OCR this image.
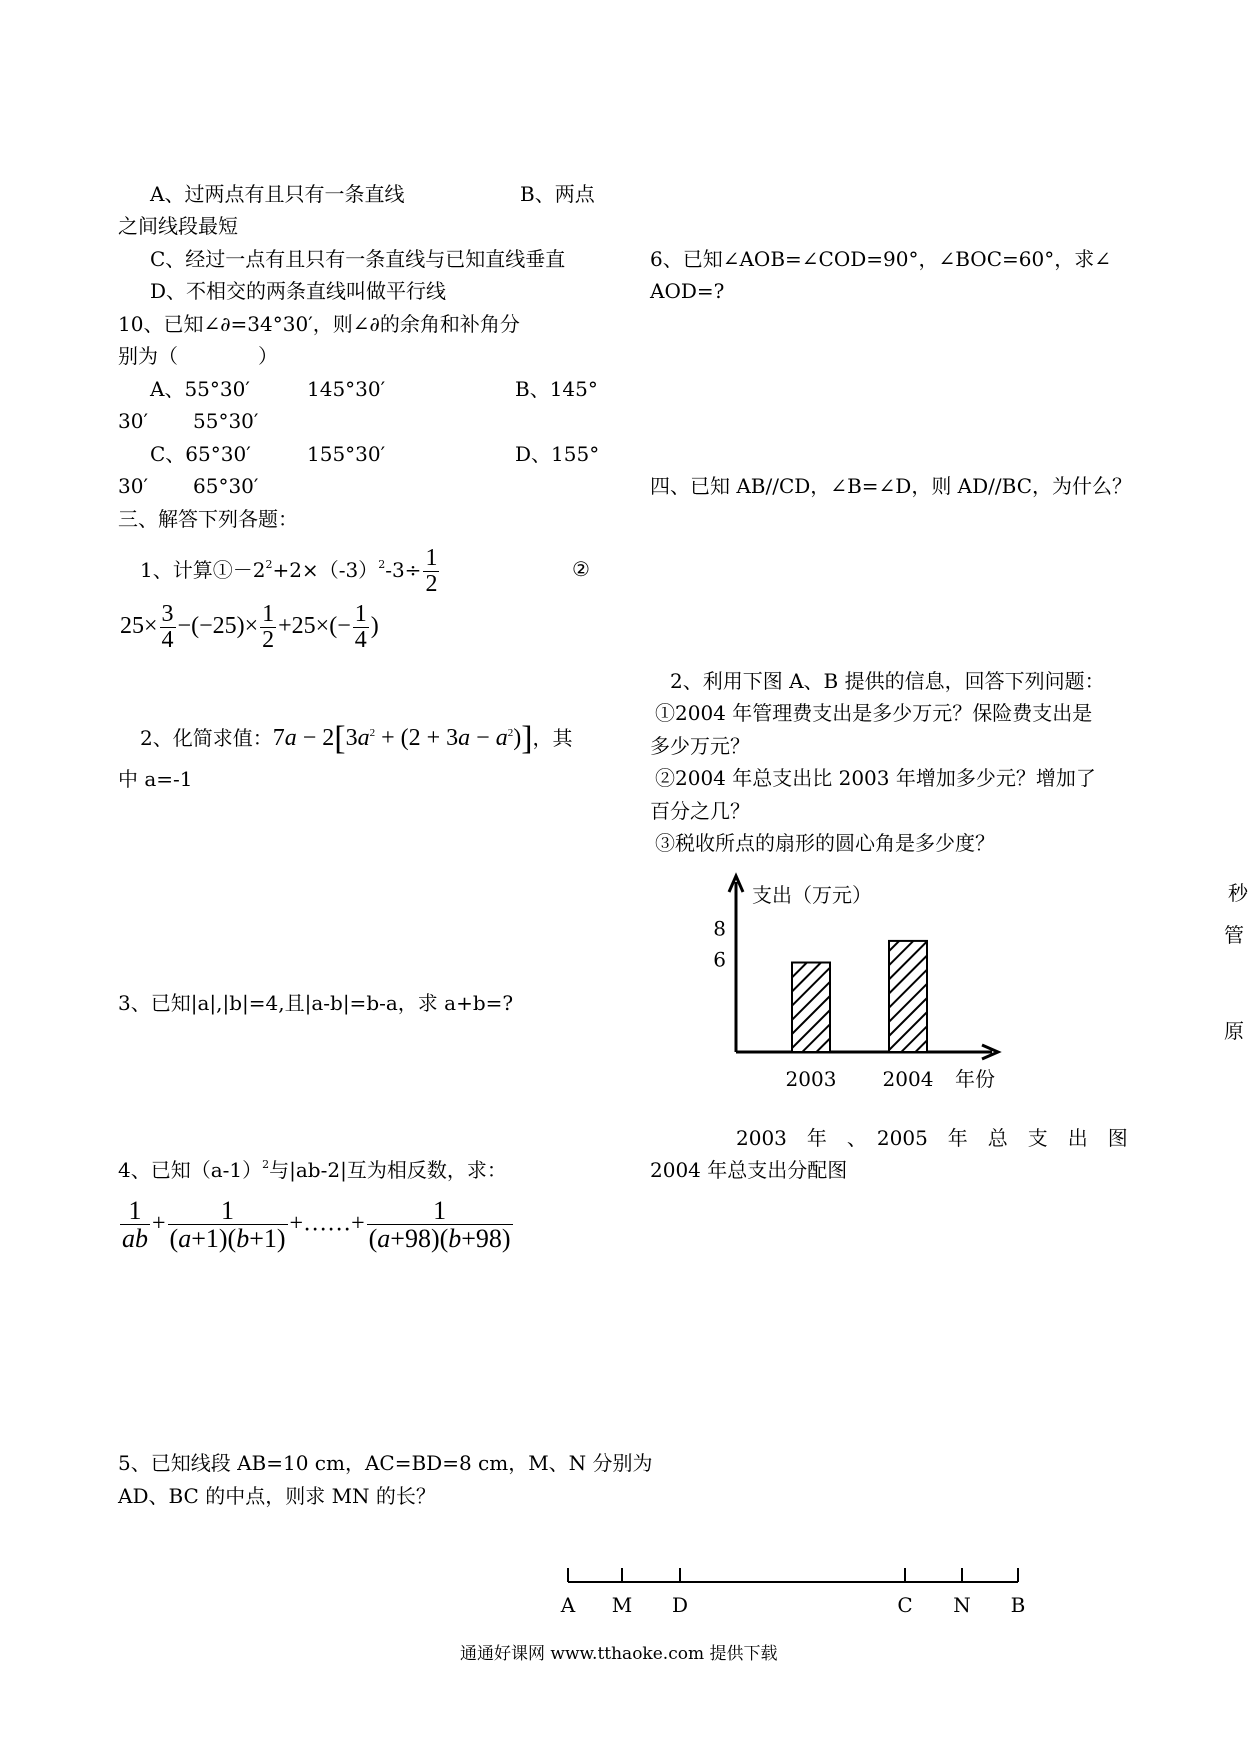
A、过两点有且只有一条直线	B、两点
之间线段最短
C、经过一点有且只有一条直线与已知直线垂直
D、不相交的两条直线叫做平行线
10、已知∠∂=34°30′，则∠∂的余角和补角分
别为（　　　　）
A、55°30′	145°30′	B、145°
30′ 55°30′
C、65°30′	155°30′	D、155°
30′ 65°30′
三、解答下列各题：
1、计算$①-2^2+2\times(-3)^2-3\div \frac{1}{2}$	②
$25\times \frac{3}{4} -(-25)\times \frac{1}{2} +25\times(- \frac{1}{4}$ )
2、化简求值：$7a - 2[3a^2 + (2 + 3a - a^2)]$，其
中 a=-1
3、已知|a|,|b|=4,且|a-b|=b-a，求 a+b=?
4、已知$(a-1)^2$与|ab-2|互为相反数，求：
$\frac{1}{ab} + \frac{1}{(a+1)(b+1)}$ +……+ $\frac{1}{(a+98)(b+98)}$
5、已知线段 AB=10 cm，AC=BD=8 cm，M、N 分别为
AD、BC 的中点，则求 MN 的长？
6、已知∠AOB=∠COD=90°，∠BOC=60°，求∠
AOD=?
四、已知 AB//CD，∠B=∠D，则 AD//BC，为什么？
2、利用下图 A、B 提供的信息，回答下列问题：
①2004 年管理费支出是多少万元？保险费支出是
多少万元？
②2004 年总支出比 2003 年增加多少元？增加了
百分之几？
③税收所点的扇形的圆心角是多少度？
6
8
2003 2004
支出（万元）
年份
2003　年　、　2005　年　总　支　出　图
2004 年总支出分配图
秒
管
原
A M D	C N B
通通好课网 www.tthaoke.com 提供下载
